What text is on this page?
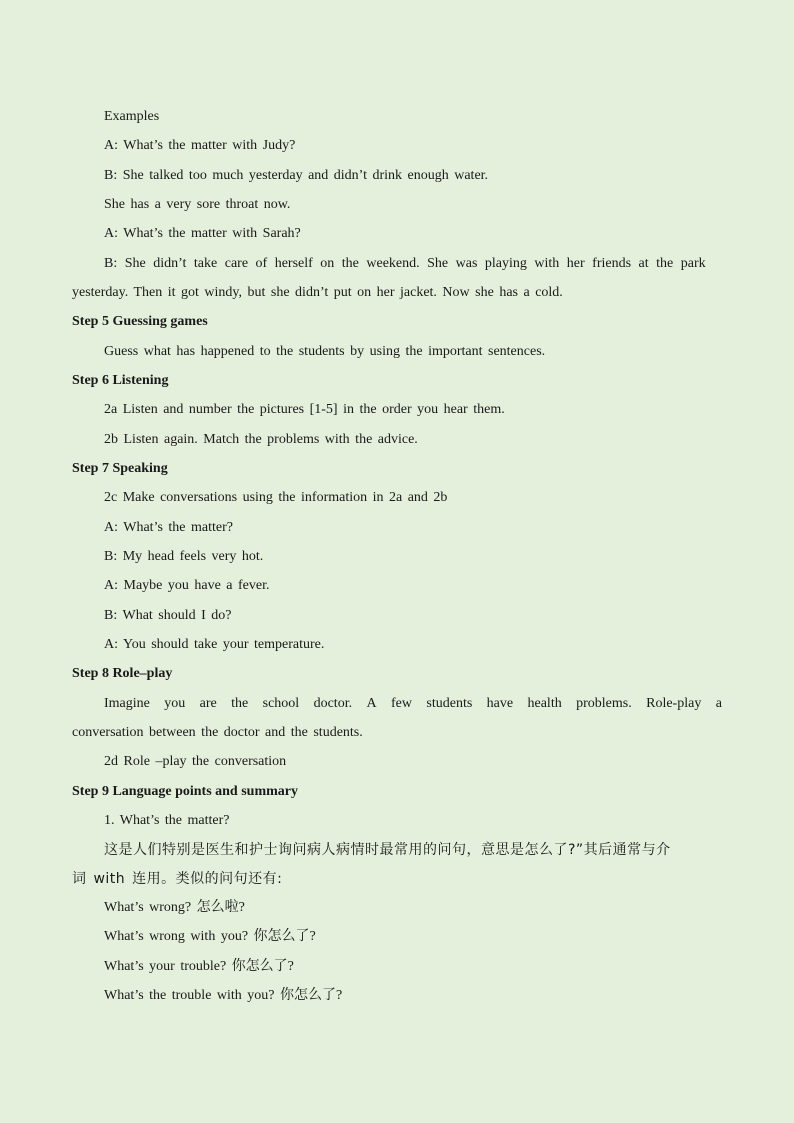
Examples
A: What’s the matter with Judy?
B: She talked too much yesterday and didn’t drink enough water.
She has a very sore throat now.
A: What’s the matter with Sarah?
B: She didn’t take care of herself on the weekend. She was playing with her friends at the park
yesterday. Then it got windy, but she didn’t put on her jacket. Now she has a cold.
Step 5 Guessing games
Guess what has happened to the students by using the important sentences.
Step 6 Listening
2a Listen and number the pictures [1-5] in the order you hear them.
2b Listen again. Match the problems with the advice.
Step 7 Speaking
2c Make conversations using the information in 2a and 2b
A: What’s the matter?
B: My head feels very hot.
A: Maybe you have a fever.
B: What should I do?
A: You should take your temperature.
Step 8 Role–play
Imagine you are the school doctor. A few students have health problems. Role-play a
conversation between the doctor and the students.
2d Role –play the conversation
Step 9 Language points and summary
1. What’s the matter?
这是人们特别是医生和护士询问病人病情时最常用的问句，意思是怎么了?”其后通常与介
词 with 连用。类似的问句还有:
What’s wrong? 怎么啦?
What’s wrong with you? 你怎么了?
What’s your trouble? 你怎么了?
What’s the trouble with you? 你怎么了?
